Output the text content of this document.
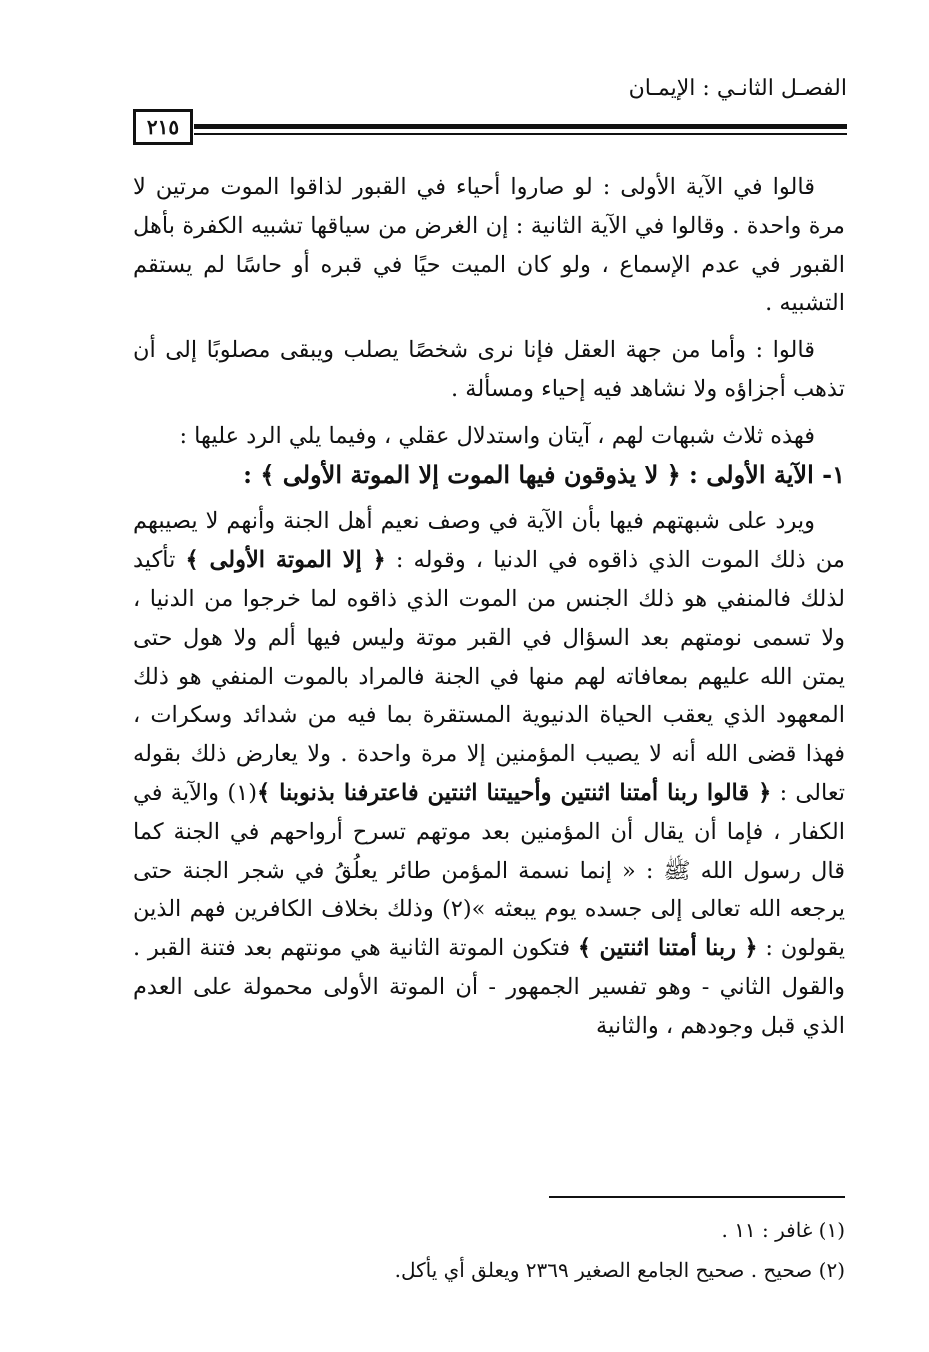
الفصـل الثانـي : الإيمـان
٢١٥

قالوا في الآية الأولى : لو صاروا أحياء في القبور لذاقوا الموت مرتين لا مرة واحدة . وقالوا في الآية الثانية : إن الغرض من سياقها تشبيه الكفرة بأهل القبور في عدم الإسماع ، ولو كان الميت حيًا في قبره أو حاسًا لم يستقم التشبيه .

قالوا : وأما من جهة العقل فإنا نرى شخصًا يصلب ويبقى مصلوبًا إلى أن تذهب أجزاؤه ولا نشاهد فيه إحياء ومسألة .

فهذه ثلاث شبهات لهم ، آيتان واستدلال عقلي ، وفيما يلي الرد عليها :

١- الآية الأولى : ﴿ لا يذوقون فيها الموت إلا الموتة الأولى ﴾ :

ويرد على شبهتهم فيها بأن الآية في وصف نعيم أهل الجنة وأنهم لا يصيبهم من ذلك الموت الذي ذاقوه في الدنيا ، وقوله : ﴿ إلا الموتة الأولى ﴾ تأكيد لذلك فالمنفي هو ذلك الجنس من الموت الذي ذاقوه لما خرجوا من الدنيا ، ولا تسمى نومتهم بعد السؤال في القبر موتة وليس فيها ألم ولا هول حتى يمتن الله عليهم بمعافاته لهم منها في الجنة فالمراد بالموت المنفي هو ذلك المعهود الذي يعقب الحياة الدنيوية المستقرة بما فيه من شدائد وسكرات ، فهذا قضى الله أنه لا يصيب المؤمنين إلا مرة واحدة . ولا يعارض ذلك بقوله تعالى : ﴿ قالوا ربنا أمتنا اثنتين وأحييتنا اثنتين فاعترفنا بذنوبنا ﴾(١) والآية في الكفار ، فإما أن يقال أن المؤمنين بعد موتهم تسرح أرواحهم في الجنة كما قال رسول الله ﷺ : « إنما نسمة المؤمن طائر يعلُقُ في شجر الجنة حتى يرجعه الله تعالى إلى جسده يوم يبعثه »(٢) وذلك بخلاف الكافرين فهم الذين يقولون : ﴿ ربنا أمتنا اثنتين ﴾ فتكون الموتة الثانية هي مونتهم بعد فتنة القبر . والقول الثاني - وهو تفسير الجمهور - أن الموتة الأولى محمولة على العدم الذي قبل وجودهم ، والثانية

(١) غافر : ١١ .
(٢) صحيح . صحيح الجامع الصغير ٢٣٦٩ ويعلق أي يأكل.
